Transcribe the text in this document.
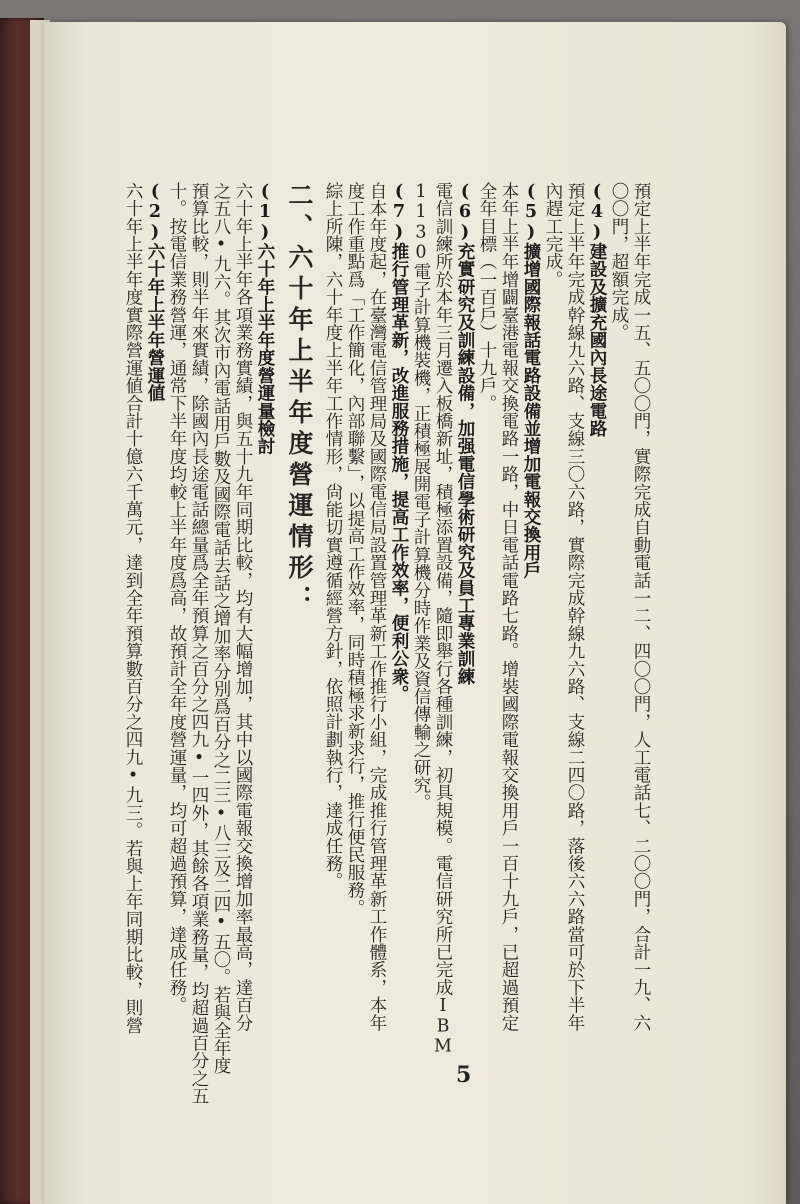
預定上半年完成一五、五〇〇門，實際完成自動電話一二、四〇〇門，人工電話七、二〇〇門，合計一九、六
〇〇門，超額完成。
(4)建設及擴充國內長途電路
預定上半年完成幹線九六路、支線三〇六路，實際完成幹線九六路、支線二四〇路，落後六六路當可於下半年
內趕工完成。
(5)擴增國際報話電路設備並增加電報交換用戶
本年上半年增闢臺港電報交換電路一路，中日電話電路七路。增裝國際電報交換用戶一百十九戶，已超過預定
全年目標（一百戶）十九戶。
(6)充實研究及訓練設備，加强電信學術研究及員工專業訓練
電信訓練所於本年三月遷入板橋新址，積極添置設備，隨即舉行各種訓練，初具規模。電信研究所已完成IBM
1130電子計算機裝機，正積極展開電子計算機分時作業及資信傳輸之研究。
(7)推行管理革新，改進服務措施，提高工作效率，便利公衆。
自本年度起，在臺灣電信管理局及國際電信局設置管理革新工作推行小組，完成推行管理革新工作體系，本年
度工作重點爲「工作簡化，內部聯繫」，以提高工作效率，同時積極求新求行，推行便民服務。
綜上所陳，六十年度上半年工作情形，尙能切實遵循經營方針，依照計劃執行，達成任務。
二、六十年上半年度營運情形：
(1)六十年上半年度營運量檢討
六十年上半年各項業務實績，與五十九年同期比較，均有大幅增加，其中以國際電報交換增加率最高，達百分
之五八•九六。其次市內電話用戶數及國際電話去話之增加率分別爲百分之二三•八三及二四•五〇。若與全年度
預算比較，則半年來實績，除國內長途電話總量爲全年預算之百分之四九•一四外，其餘各項業務量，均超過百分之五
十。按電信業務營運，通常下半年度均較上半年度爲高，故預計全年度營運量，均可超過預算，達成任務。
(2)六十年上半年營運値
六十年上半年度實際營運値合計十億六千萬元，達到全年預算數百分之四九•九三。若與上年同期比較，則營
5
